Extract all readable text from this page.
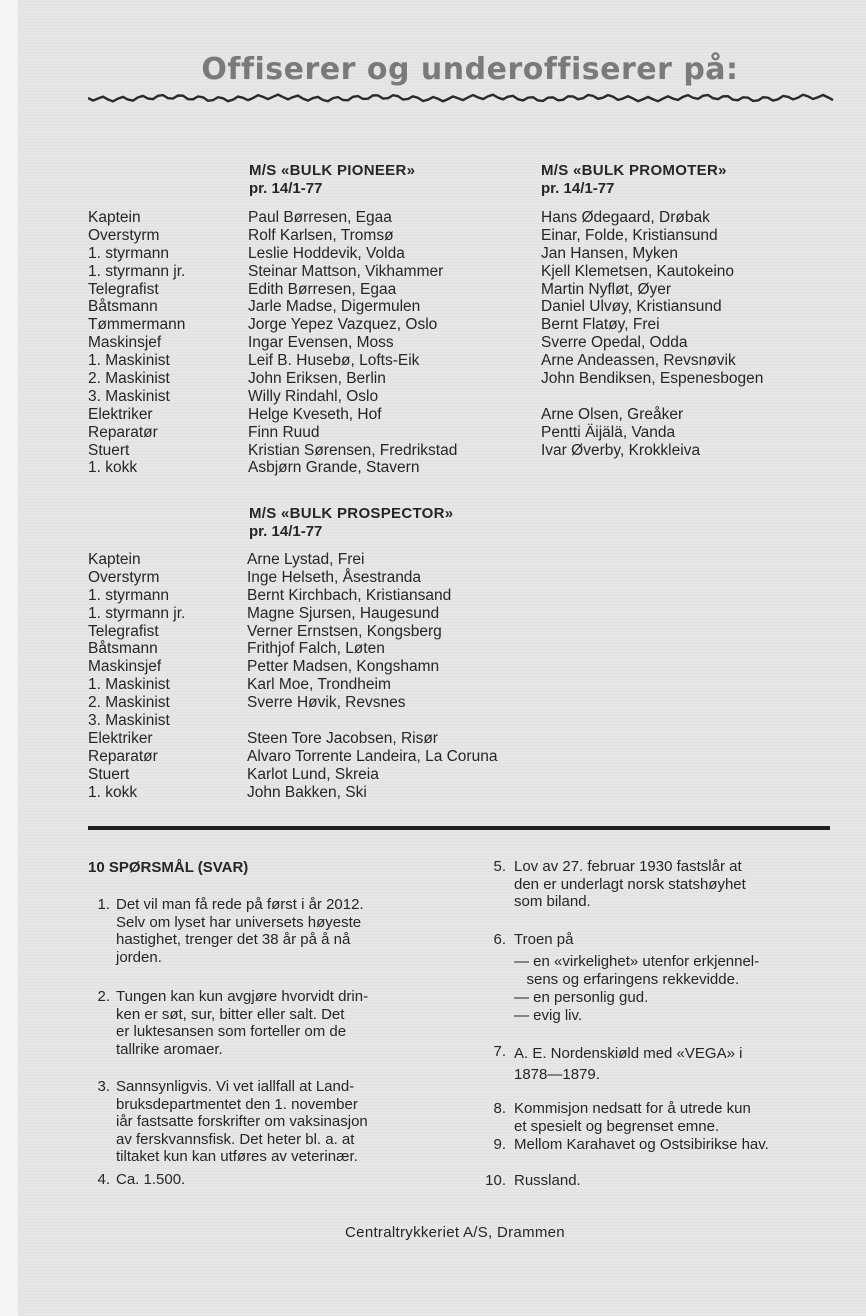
Offiserer og underoffiserer på:
M/S «BULK PIONEER»
pr. 14/1-77
Kaptein
Overstyrm
1. styrmann
1. styrmann jr.
Telegrafist
Båtsmann
Tømmermann
Maskinsjef
1. Maskinist
2. Maskinist
3. Maskinist
Elektriker
Reparatør
Stuert
1. kokk
Paul Børresen, Egaa
Rolf Karlsen, Tromsø
Leslie Hoddevik, Volda
Steinar Mattson, Vikhammer
Edith Børresen, Egaa
Jarle Madse, Digermulen
Jorge Yepez Vazquez, Oslo
Ingar Evensen, Moss
Leif B. Husebø, Lofts-Eik
John Eriksen, Berlin
Willy Rindahl, Oslo
Helge Kveseth, Hof
Finn Ruud
Kristian Sørensen, Fredrikstad
Asbjørn Grande, Stavern
M/S «BULK PROMOTER»
pr. 14/1-77
Hans Ødegaard, Drøbak
Einar, Folde, Kristiansund
Jan Hansen, Myken
Kjell Klemetsen, Kautokeino
Martin Nyfløt, Øyer
Daniel Ulvøy, Kristiansund
Bernt Flatøy, Frei
Sverre Opedal, Odda
Arne Andeassen, Revsnøvik
John Bendiksen, Espenesbogen
Arne Olsen, Greåker
Pentti Äijälä, Vanda
Ivar Øverby, Krokkleiva
M/S «BULK PROSPECTOR»
pr. 14/1-77
Kaptein
Overstyrm
1. styrmann
1. styrmann jr.
Telegrafist
Båtsmann
Maskinsjef
1. Maskinist
2. Maskinist
3. Maskinist
Elektriker
Reparatør
Stuert
1. kokk
Arne Lystad, Frei
Inge Helseth, Åsestranda
Bernt Kirchbach, Kristiansand
Magne Sjursen, Haugesund
Verner Ernstsen, Kongsberg
Frithjof Falch, Løten
Petter Madsen, Kongshamn
Karl Moe, Trondheim
Sverre Høvik, Revsnes
Steen Tore Jacobsen, Risør
Alvaro Torrente Landeira, La Coruna
Karlot Lund, Skreia
John Bakken, Ski
10 SPØRSMÅL (SVAR)
1. Det vil man få rede på først i år 2012.
Selv om lyset har universets høyeste
hastighet, trenger det 38 år på å nå
jorden.
2. Tungen kan kun avgjøre hvorvidt drin-
ken er søt, sur, bitter eller salt. Det
er luktesansen som forteller om de
tallrike aromaer.
3. Sannsynligvis. Vi vet iallfall at Land-
bruksdepartmentet den 1. november
iår fastsatte forskrifter om vaksinasjon
av ferskvannsfisk. Det heter bl. a. at
tiltaket kun kan utføres av veterinær.
4. Ca. 1.500.
5. Lov av 27. februar 1930 fastslår at
den er underlagt norsk statshøyhet
som biland.
6. Troen på
— en «virkelighet» utenfor erkjennel-
sens og erfaringens rekkevidde.
— en personlig gud.
— evig liv.
7. A. E. Nordenskiøld med «VEGA» i
1878—1879.
8. Kommisjon nedsatt for å utrede kun
et spesielt og begrenset emne.
9. Mellom Karahavet og Ostsibirikse hav.
10. Russland.
Centraltrykkeriet A/S, Drammen
